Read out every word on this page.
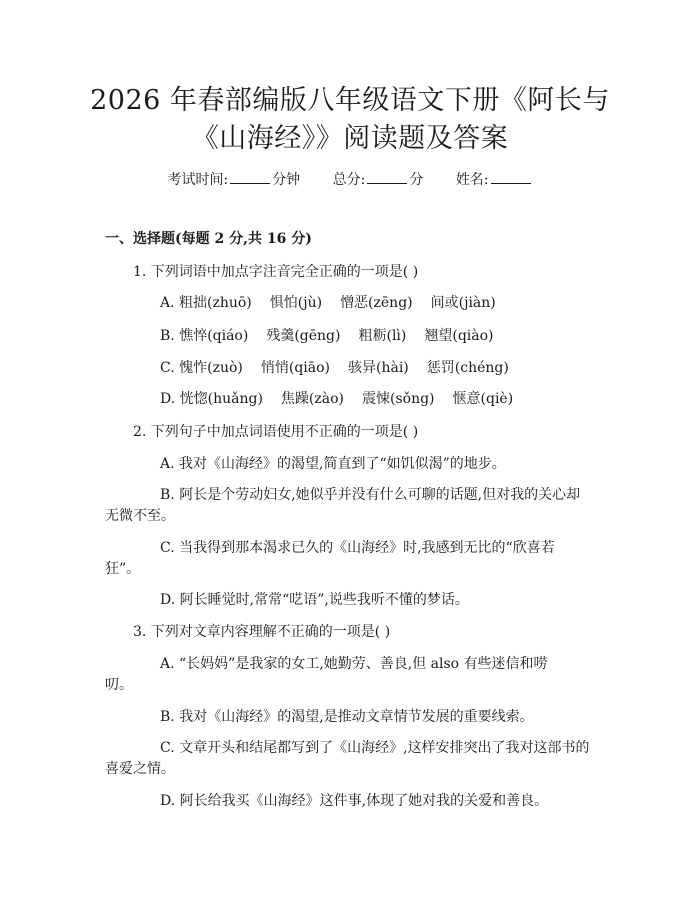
2026 年春部编版八年级语文下册《阿长与
《山海经》》阅读题及答案
考试时间:	分钟 总分:	分 姓名:
一、选择题(每题 2 分,共 16 分)
1. 下列词语中加点字注音完全正确的一项是( )
A. 粗拙(zhuō) 惧怕(jù) 憎恶(zēng) 间或(jiàn)
B. 憔悴(qiáo) 残羹(gēng) 粗粝(lì) 翘望(qiào)
C. 愧怍(zuò) 悄悄(qiāo) 骇异(hài) 惩罚(chéng)
D. 恍惚(huǎng) 焦躁(zào) 震悚(sǒng) 惬意(qiè)
2. 下列句子中加点词语使用不正确的一项是( )
A. 我对《山海经》的渴望,简直到了“如饥似渴”的地步。
B. 阿长是个劳动妇女,她似乎并没有什么可聊的话题,但对我的关心却
无微不至。
C. 当我得到那本渴求已久的《山海经》时,我感到无比的“欣喜若
狂”。
D. 阿长睡觉时,常常“呓语”,说些我听不懂的梦话。
3. 下列对文章内容理解不正确的一项是( )
A. “长妈妈”是我家的女工,她勤劳、善良,但 also 有些迷信和唠
叨。
B. 我对《山海经》的渴望,是推动文章情节发展的重要线索。
C. 文章开头和结尾都写到了《山海经》,这样安排突出了我对这部书的
喜爱之情。
D. 阿长给我买《山海经》这件事,体现了她对我的关爱和善良。
